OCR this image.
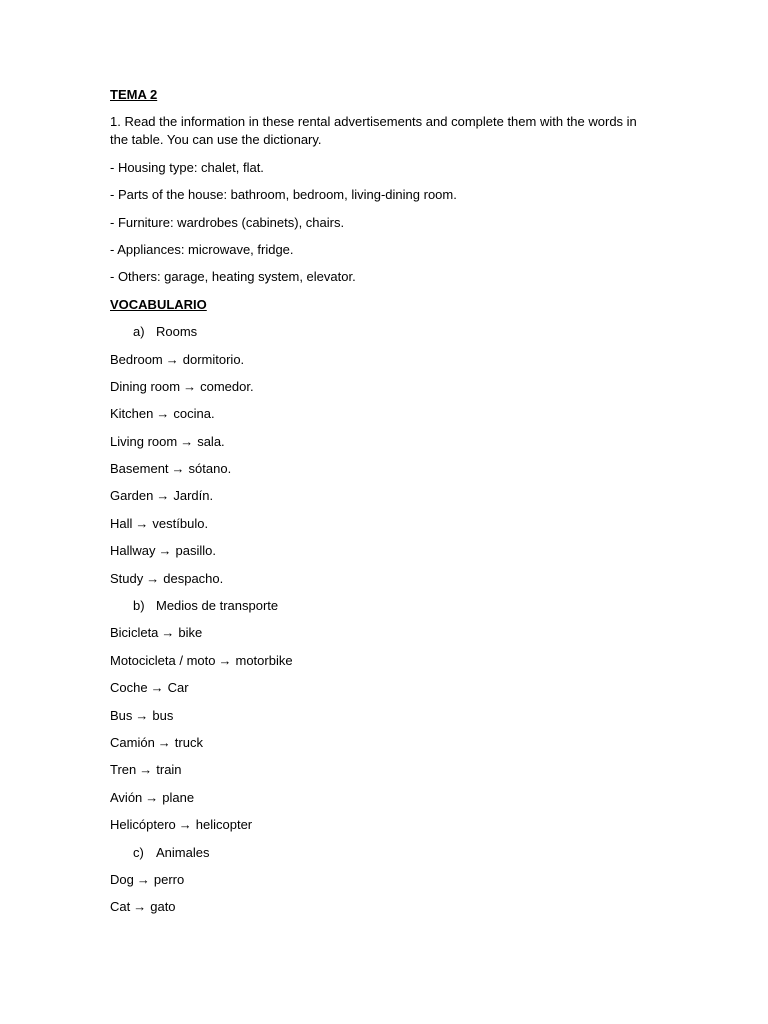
TEMA 2

1. Read the information in these rental advertisements and complete them with the words in the table. You can use the dictionary.

- Housing type: chalet, flat.

- Parts of the house: bathroom, bedroom, living-dining room.

- Furniture: wardrobes (cabinets), chairs.

- Appliances: microwave, fridge.

- Others: garage, heating system, elevator.

VOCABULARIO

a) Rooms

Bedroom → dormitorio.

Dining room → comedor.

Kitchen → cocina.

Living room → sala.

Basement → sótano.

Garden → Jardín.

Hall → vestíbulo.

Hallway → pasillo.

Study → despacho.

b) Medios de transporte

Bicicleta → bike

Motocicleta / moto → motorbike

Coche → Car

Bus → bus

Camión → truck

Tren → train

Avión → plane

Helicóptero → helicopter

c) Animales

Dog → perro

Cat → gato
